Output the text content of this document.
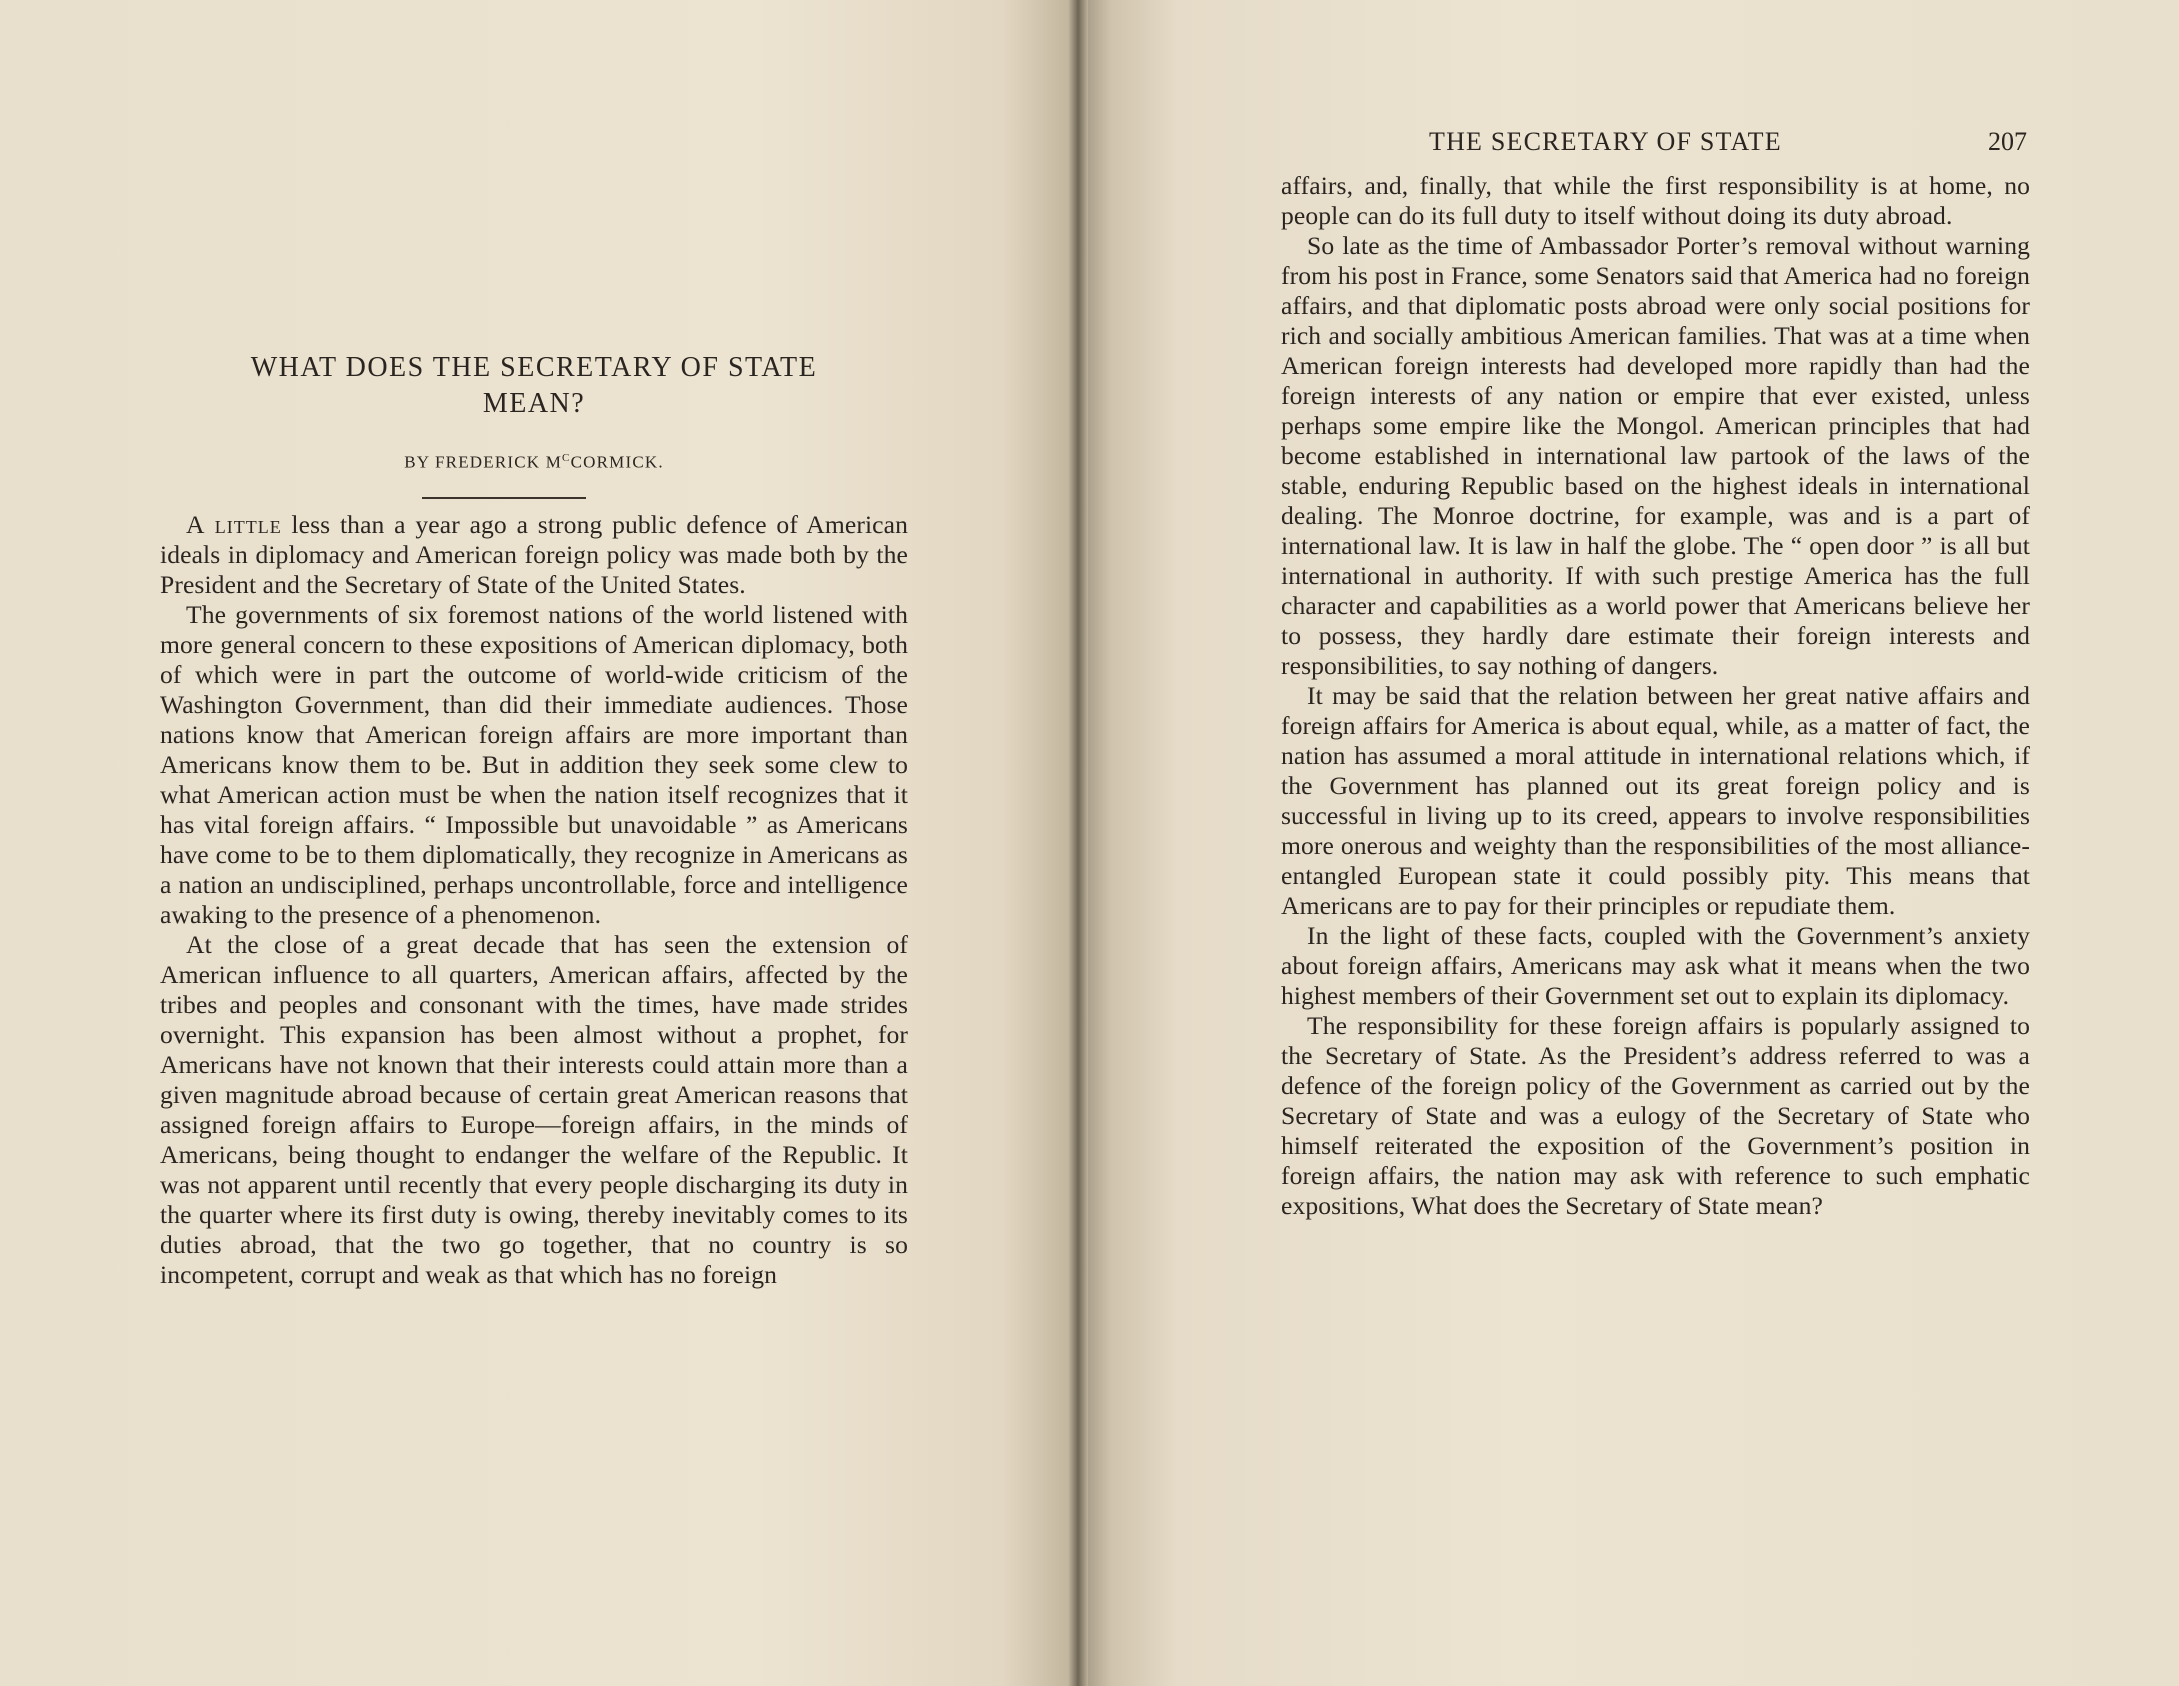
WHAT DOES THE SECRETARY OF STATE
MEAN?
BY FREDERICK $M^CCORMICK$.

A little less than a year ago a strong public defence of American ideals in diplomacy and American foreign policy was made both by the President and the Secretary of State of the United States.

The governments of six foremost nations of the world listened with more general concern to these expositions of American diplomacy, both of which were in part the outcome of world-wide criticism of the Washington Government, than did their immediate audiences. Those nations know that American foreign affairs are more important than Americans know them to be. But in addition they seek some clew to what American action must be when the nation itself recognizes that it has vital foreign affairs. “ Impossible but unavoidable ” as Americans have come to be to them diplomatically, they recognize in Americans as a nation an undisciplined, perhaps uncontrollable, force and intelligence awaking to the presence of a phenomenon.

At the close of a great decade that has seen the extension of American influence to all quarters, American affairs, affected by the tribes and peoples and consonant with the times, have made strides overnight. This expansion has been almost without a prophet, for Americans have not known that their interests could attain more than a given magnitude abroad because of certain great American reasons that assigned foreign affairs to Europe—foreign affairs, in the minds of Americans, being thought to endanger the welfare of the Republic. It was not apparent until recently that every people discharging its duty in the quarter where its first duty is owing, thereby inevitably comes to its duties abroad, that the two go together, that no country is so incompetent, corrupt and weak as that which has no foreign

THE SECRETARY OF STATE	207

affairs, and, finally, that while the first responsibility is at home, no people can do its full duty to itself without doing its duty abroad.

So late as the time of Ambassador Porter’s removal without warning from his post in France, some Senators said that America had no foreign affairs, and that diplomatic posts abroad were only social positions for rich and socially ambitious American families. That was at a time when American foreign interests had developed more rapidly than had the foreign interests of any nation or empire that ever existed, unless perhaps some empire like the Mongol. American principles that had become established in international law partook of the laws of the stable, enduring Republic based on the highest ideals in international dealing. The Monroe doctrine, for example, was and is a part of international law. It is law in half the globe. The “ open door ” is all but international in authority. If with such prestige America has the full character and capabilities as a world power that Americans believe her to possess, they hardly dare estimate their foreign interests and responsibilities, to say nothing of dangers.

It may be said that the relation between her great native affairs and foreign affairs for America is about equal, while, as a matter of fact, the nation has assumed a moral attitude in international relations which, if the Government has planned out its great foreign policy and is successful in living up to its creed, appears to involve responsibilities more onerous and weighty than the responsibilities of the most alliance-entangled European state it could possibly pity. This means that Americans are to pay for their principles or repudiate them.

In the light of these facts, coupled with the Government’s anxiety about foreign affairs, Americans may ask what it means when the two highest members of their Government set out to explain its diplomacy.

The responsibility for these foreign affairs is popularly assigned to the Secretary of State. As the President’s address referred to was a defence of the foreign policy of the Government as carried out by the Secretary of State and was a eulogy of the Secretary of State who himself reiterated the exposition of the Government’s position in foreign affairs, the nation may ask with reference to such emphatic expositions, What does the Secretary of State mean?
